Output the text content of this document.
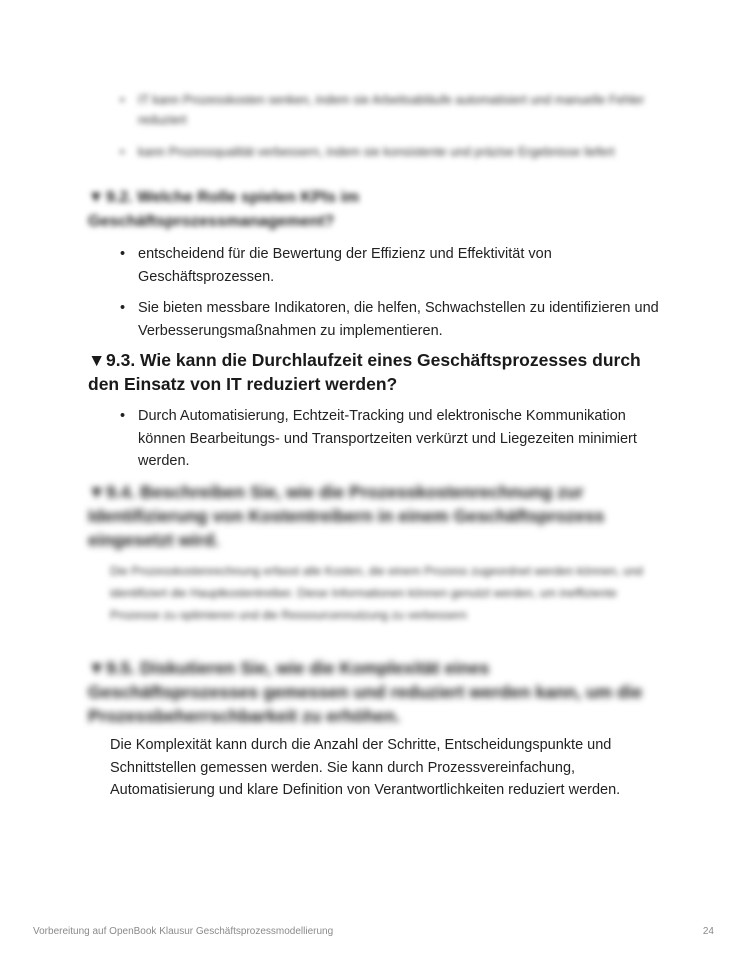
• IT kann Prozesskosten senken, indem sie Arbeitsabläufe automatisiert und manuelle Fehler reduziert
• kann Prozessqualität verbessern, indem sie konsistente und präzise Ergebnisse liefert
▼ 9.2. Welche Rolle spielen KPIs im Geschäftsprozessmanagement?
• entscheidend für die Bewertung der Effizienz und Effektivität von Geschäftsprozessen.
• Sie bieten messbare Indikatoren, die helfen, Schwachstellen zu identifizieren und Verbesserungsmaßnahmen zu implementieren.
▼9.3. Wie kann die Durchlaufzeit eines Geschäftsprozesses durch den Einsatz von IT reduziert werden?
• Durch Automatisierung, Echtzeit-Tracking und elektronische Kommunikation können Bearbeitungs- und Transportzeiten verkürzt und Liegezeiten minimiert werden.
▼9.4. Beschreiben Sie, wie die Prozesskostenrechnung zur Identifizierung von Kostentreibern in einem Geschäftsprozess eingesetzt wird.

Die Prozesskostenrechnung erfasst alle Kosten, die einem Prozess zugeordnet werden können, und identifiziert die Hauptkostentreiber. Diese Informationen können genutzt werden, um ineffiziente Prozesse zu optimieren und die Ressourcennutzung zu verbessern

▼9.5. Diskutieren Sie, wie die Komplexität eines Geschäftsprozesses gemessen und reduziert werden kann, um die Prozessbeherrschbarkeit zu erhöhen.

Die Komplexität kann durch die Anzahl der Schritte, Entscheidungspunkte und Schnittstellen gemessen werden. Sie kann durch Prozessvereinfachung, Automatisierung und klare Definition von Verantwortlichkeiten reduziert werden.

Vorbereitung auf OpenBook Klausur Geschäftsprozessmodellierung	24
